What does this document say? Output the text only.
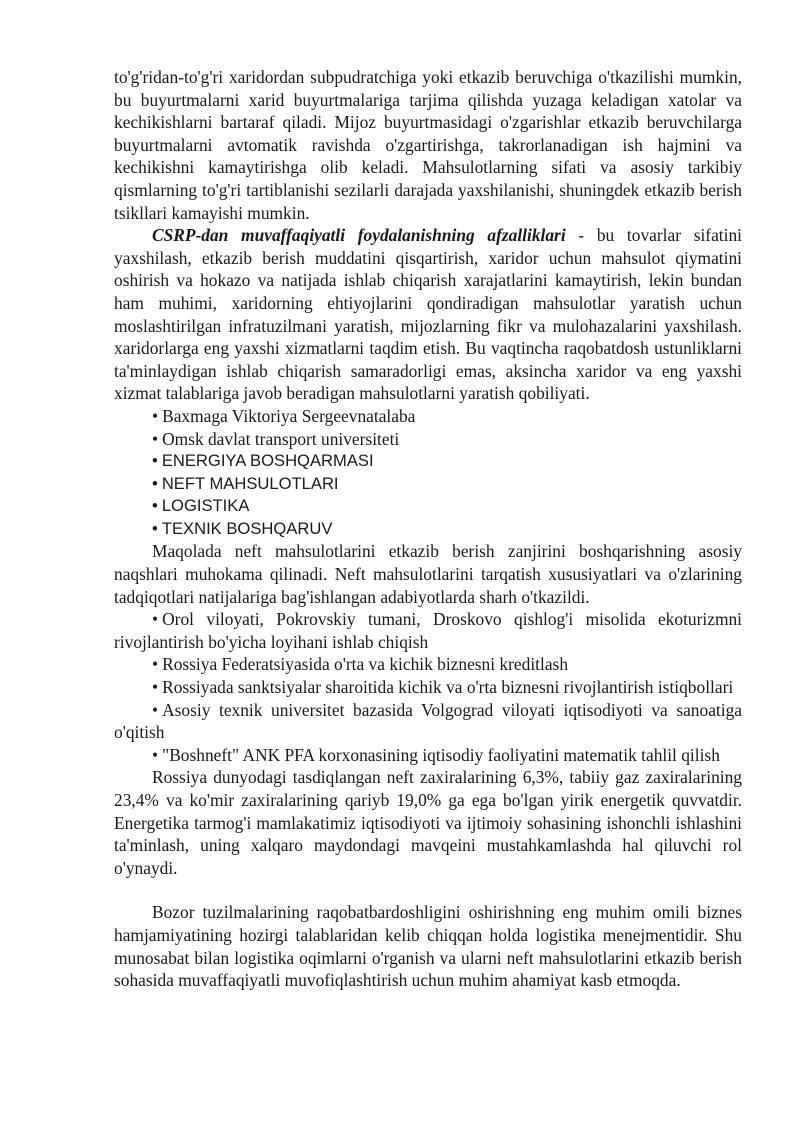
to'g'ridan-to'g'ri xaridordan subpudratchiga yoki etkazib beruvchiga o'tkazilishi mumkin, bu buyurtmalarni xarid buyurtmalariga tarjima qilishda yuzaga keladigan xatolar va kechikishlarni bartaraf qiladi. Mijoz buyurtmasidagi o'zgarishlar etkazib beruvchilarga buyurtmalarni avtomatik ravishda o'zgartirishga, takrorlanadigan ish hajmini va kechikishni kamaytirishga olib keladi. Mahsulotlarning sifati va asosiy tarkibiy qismlarning to'g'ri tartiblanishi sezilarli darajada yaxshilanishi, shuningdek etkazib berish tsikllari kamayishi mumkin.

CSRP-dan muvaffaqiyatli foydalanishning afzalliklari - bu tovarlar sifatini yaxshilash, etkazib berish muddatini qisqartirish, xaridor uchun mahsulot qiymatini oshirish va hokazo va natijada ishlab chiqarish xarajatlarini kamaytirish, lekin bundan ham muhimi, xaridorning ehtiyojlarini qondiradigan mahsulotlar yaratish uchun moslashtirilgan infratuzilmani yaratish, mijozlarning fikr va mulohazalarini yaxshilash. xaridorlarga eng yaxshi xizmatlarni taqdim etish. Bu vaqtincha raqobatdosh ustunliklarni ta'minlaydigan ishlab chiqarish samaradorligi emas, aksincha xaridor va eng yaxshi xizmat talablariga javob beradigan mahsulotlarni yaratish qobiliyati.

• Baxmaga Viktoriya Sergeevnatalaba
• Omsk davlat transport universiteti
• ENERGIYA BOSHQARMASI
• NEFT MAHSULOTLARI
• LOGISTIKA
• TEXNIK BOSHQARUV

Maqolada neft mahsulotlarini etkazib berish zanjirini boshqarishning asosiy naqshlari muhokama qilinadi. Neft mahsulotlarini tarqatish xususiyatlari va o'zlarining tadqiqotlari natijalariga bag'ishlangan adabiyotlarda sharh o'tkazildi.

• Orol viloyati, Pokrovskiy tumani, Droskovo qishlog'i misolida ekoturizmni rivojlantirish bo'yicha loyihani ishlab chiqish

• Rossiya Federatsiyasida o'rta va kichik biznesni kreditlash

• Rossiyada sanktsiyalar sharoitida kichik va o'rta biznesni rivojlantirish istiqbollari

• Asosiy texnik universitet bazasida Volgograd viloyati iqtisodiyoti va sanoatiga o'qitish

• "Boshneft" ANK PFA korxonasining iqtisodiy faoliyatini matematik tahlil qilish

Rossiya dunyodagi tasdiqlangan neft zaxiralarining 6,3%, tabiiy gaz zaxiralarining 23,4% va ko'mir zaxiralarining qariyb 19,0% ga ega bo'lgan yirik energetik quvvatdir. Energetika tarmog'i mamlakatimiz iqtisodiyoti va ijtimoiy sohasining ishonchli ishlashini ta'minlash, uning xalqaro maydondagi mavqeini mustahkamlashda hal qiluvchi rol o'ynaydi.

Bozor tuzilmalarining raqobatbardoshligini oshirishning eng muhim omili biznes hamjamiyatining hozirgi talablaridan kelib chiqqan holda logistika menejmentidir. Shu munosabat bilan logistika oqimlarni o'rganish va ularni neft mahsulotlarini etkazib berish sohasida muvaffaqiyatli muvofiqlashtirish uchun muhim ahamiyat kasb etmoqda.
